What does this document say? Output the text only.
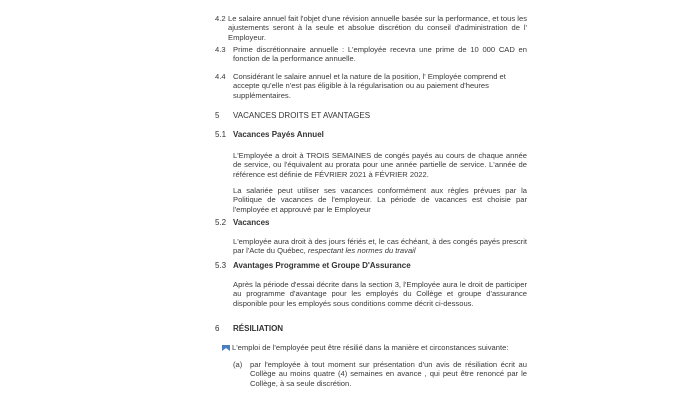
4.2 Le salaire annuel fait l'objet d'une révision annuelle basée sur la performance, et tous les ajustements seront à la seule et absolue discrétion du conseil d'administration de l' Employeur.
4.3 Prime discrétionnaire annuelle : L'employée recevra une prime de 10 000 CAD en fonction de la performance annuelle.
4.4 Considérant le salaire annuel et la nature de la position, l' Employée comprend et accepte qu'elle n'est pas éligible à la régularisation ou au paiement d'heures supplémentaires.
5 VACANCES DROITS ET AVANTAGES
5.1 Vacances Payés Annuel
L'Employée a droit à TROIS SEMAINES de congés payés au cours de chaque année de service, ou l'équivalent au prorata pour une année partielle de service. L'année de référence est définie de FÉVRIER 2021 à FÉVRIER 2022.
La salariée peut utiliser ses vacances conformément aux règles prévues par la Politique de vacances de l'employeur. La période de vacances est choisie par l'employée et approuvé par le Employeur
5.2 Vacances
L'employée aura droit à des jours fériés et, le cas échéant, à des congés payés prescrit par l'Acte du Québec, respectant les normes du travail
5.3 Avantages Programme et Groupe D'Assurance
Après la période d'essai décrite dans la section 3, l'Employée aura le droit de participer au programme d'avantage pour les employés du Collège et groupe d'assurance disponible pour les employés sous conditions comme décrit ci-dessous.
6 RÉSILIATION
L'emploi de l'employée peut être résilié dans la manière et circonstances suivante:
(a) par l'employée à tout moment sur présentation d'un avis de résiliation écrit au Collège au moins quatre (4) semaines en avance , qui peut être renoncé par le Collège, à sa seule discrétion.
